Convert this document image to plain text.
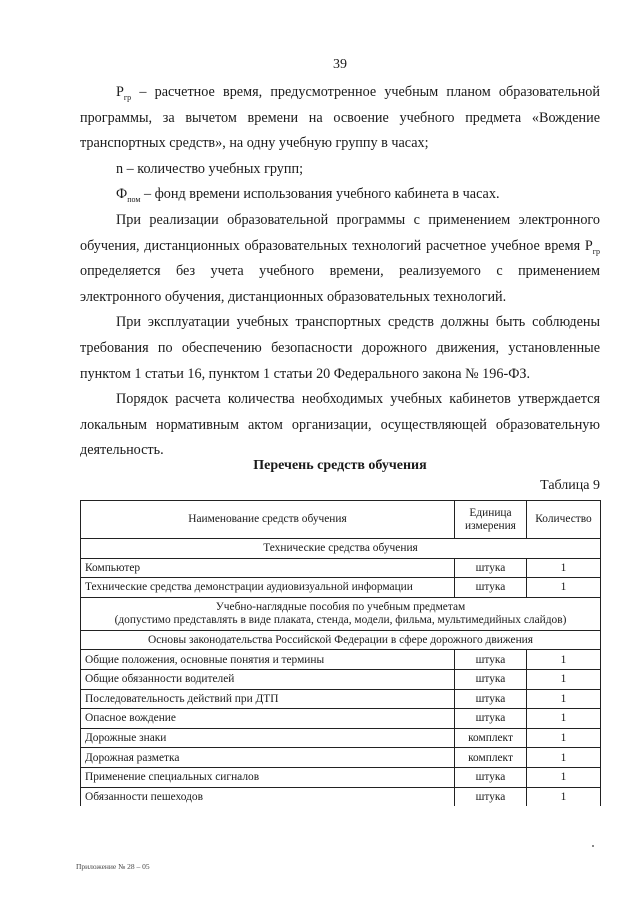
39

$P_{гр}$ – расчетное время, предусмотренное учебным планом образовательной программы, за вычетом времени на освоение учебного предмета «Вождение транспортных средств», на одну учебную группу в часах;

n – количество учебных групп;

$Ф_{пом}$ – фонд времени использования учебного кабинета в часах.

При реализации образовательной программы с применением электронного обучения, дистанционных образовательных технологий расчетное учебное время $P_{гр}$ определяется без учета учебного времени, реализуемого с применением электронного обучения, дистанционных образовательных технологий.

При эксплуатации учебных транспортных средств должны быть соблюдены требования по обеспечению безопасности дорожного движения, установленные пунктом 1 статьи 16, пунктом 1 статьи 20 Федерального закона № 196-ФЗ.

Порядок расчета количества необходимых учебных кабинетов утверждается локальным нормативным актом организации, осуществляющей образовательную деятельность.

Перечень средств обучения
Таблица 9
Наименование средств обучения	Единица измерения	Количество
Технические средства обучения		
Компьютер	штука	1
Технические средства демонстрации аудиовизуальной информации	штука	1
Учебно-наглядные пособия по учебным предметам
(допустимо представлять в виде плаката, стенда, модели, фильма, мультимедийных слайдов)		
Основы законодательства Российской Федерации в сфере дорожного движения		
Общие положения, основные понятия и термины	штука	1
Общие обязанности водителей	штука	1
Последовательность действий при ДТП	штука	1
Опасное вождение	штука	1
Дорожные знаки	комплект	1
Дорожная разметка	комплект	1
Применение специальных сигналов	штука	1
Обязанности пешеходов	штука	1
Приложение № 28 – 05
